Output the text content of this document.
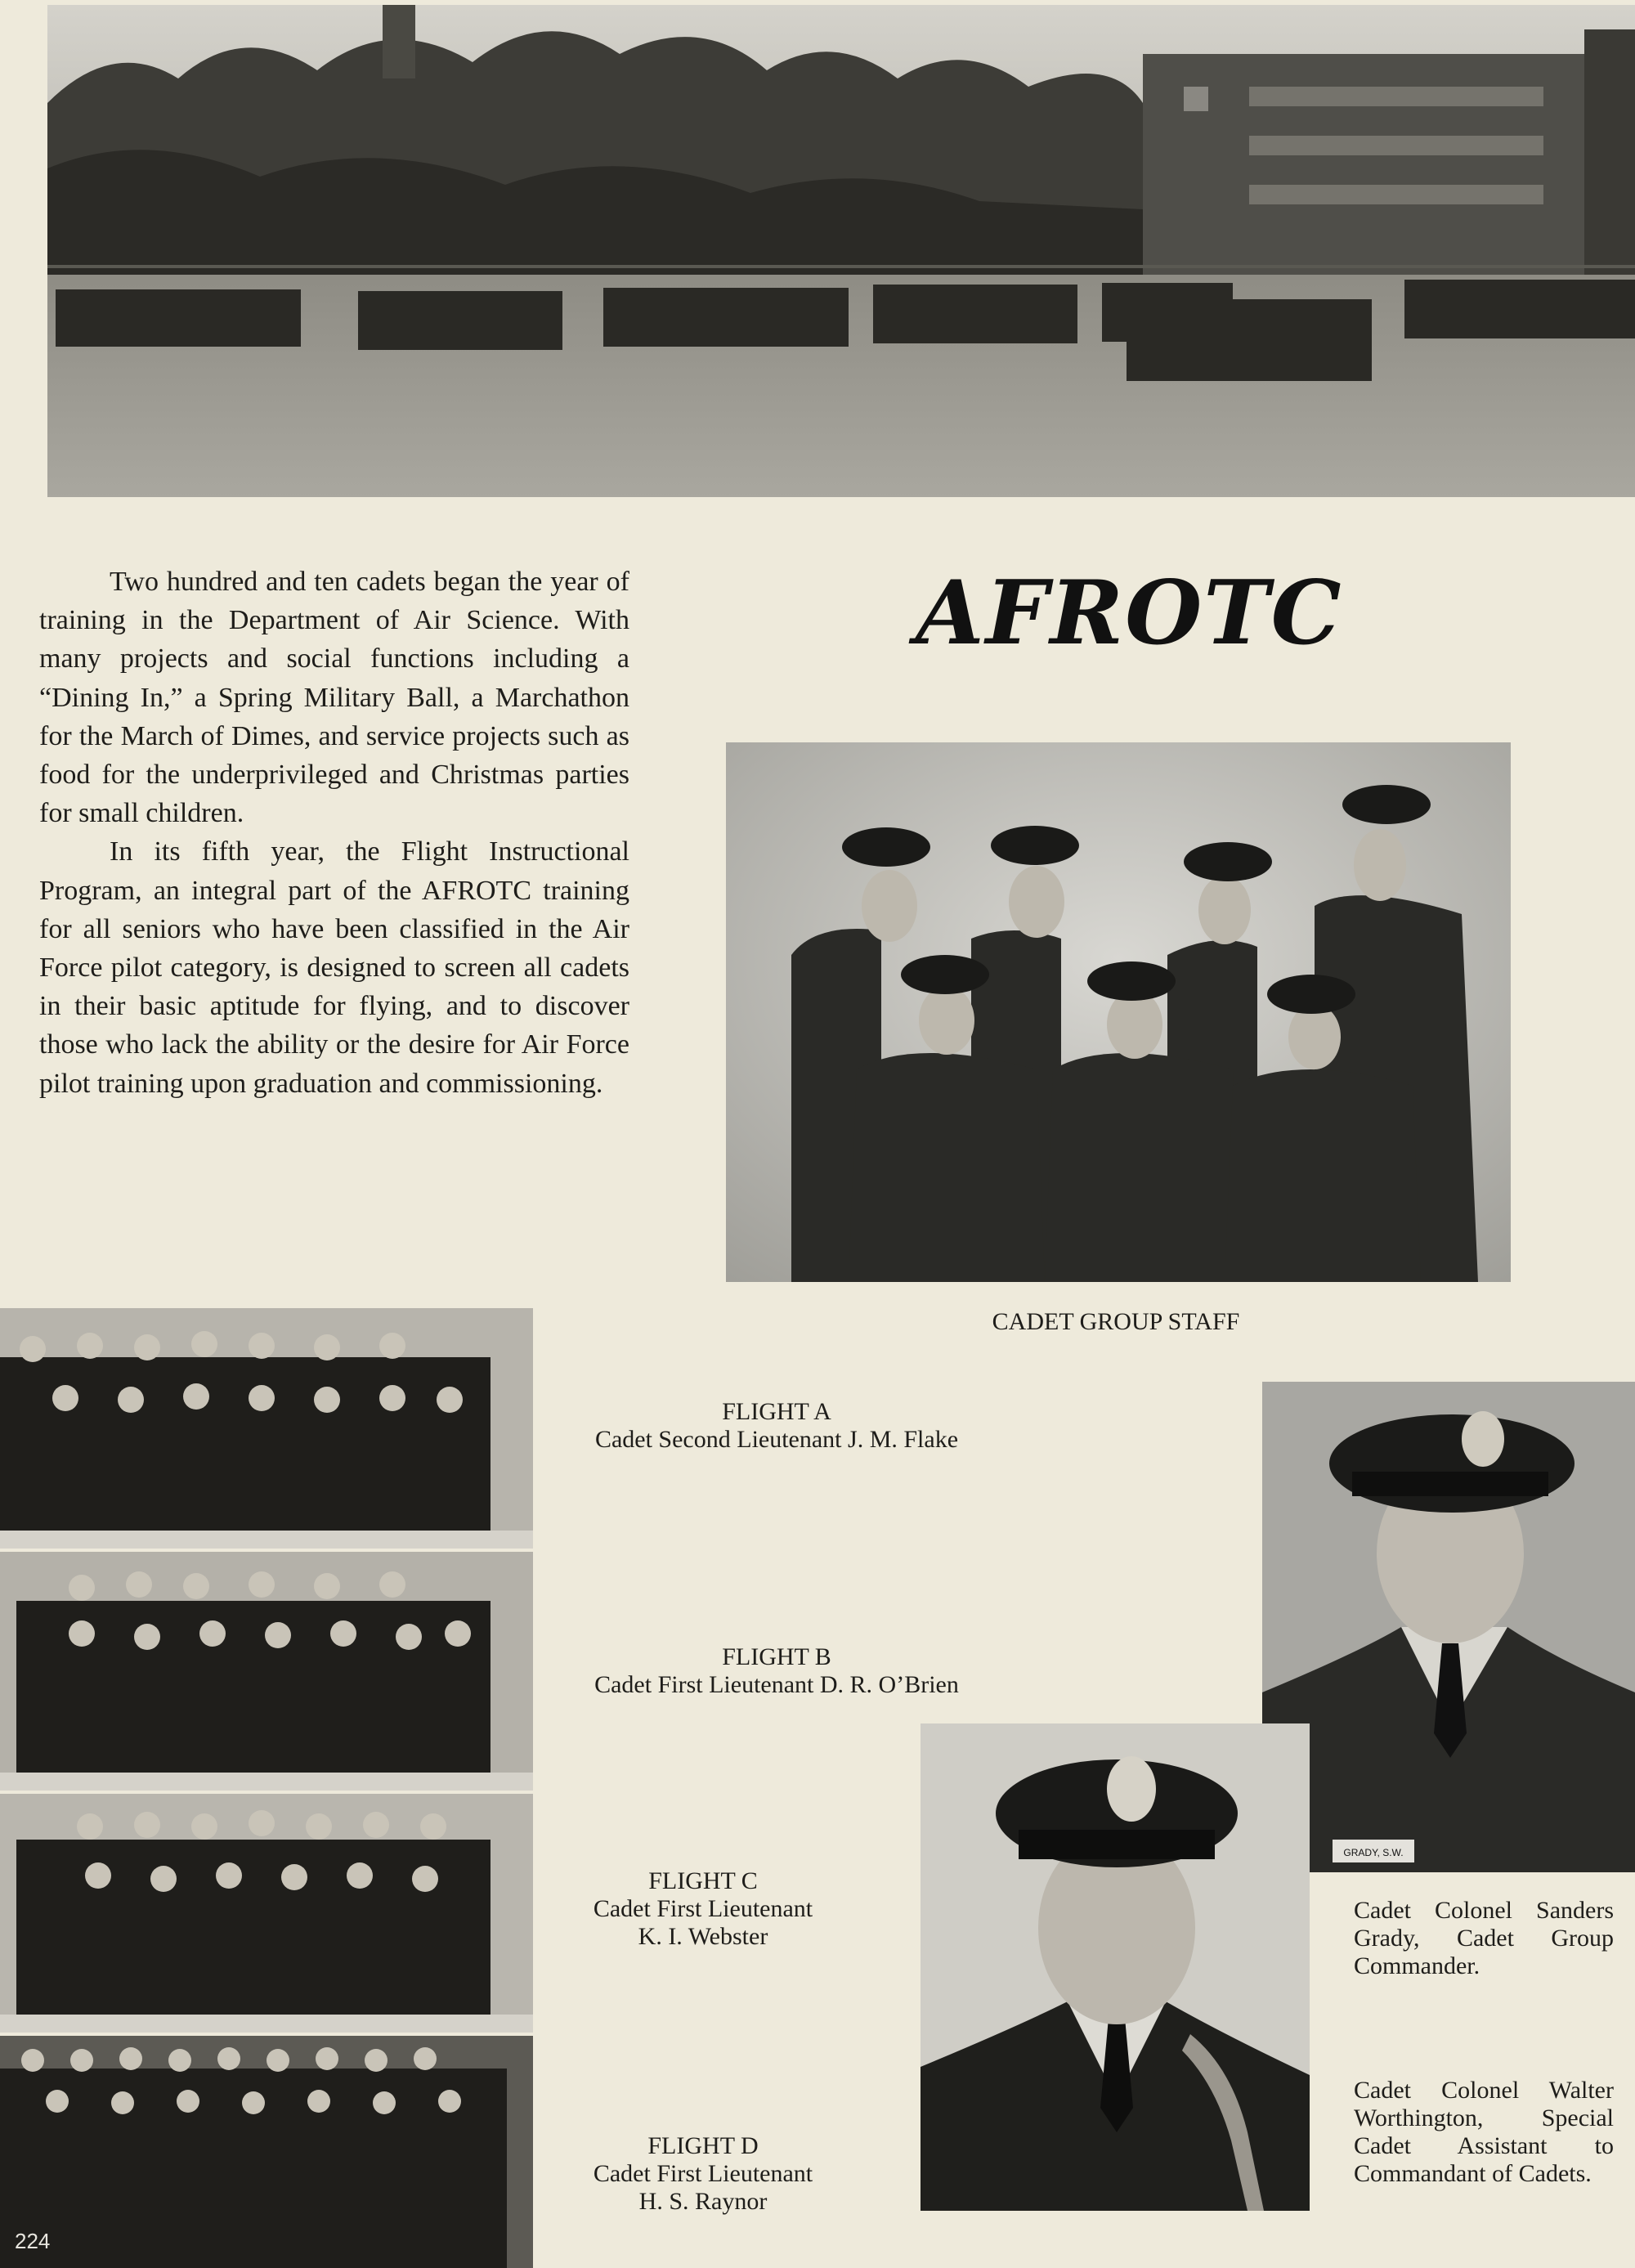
Two hundred and ten cadets began the year of training in the Department of Air Science. With many projects and social functions including a “Dining In,” a Spring Military Ball, a Marchathon for the March of Dimes, and service projects such as food for the underprivileged and Christmas parties for small children.

In its fifth year, the Flight Instructional Program, an integral part of the AFROTC training for all seniors who have been classified in the Air Force pilot category, is designed to screen all cadets in their basic aptitude for flying, and to discover those who lack the ability or the desire for Air Force pilot training upon graduation and commissioning.

AFROTC
CADET GROUP STAFF
224
FLIGHT A
Cadet Second Lieutenant J. M. Flake
FLIGHT B
Cadet First Lieutenant D. R. O’Brien
FLIGHT C
Cadet First Lieutenant
K. I. Webster
FLIGHT D
Cadet First Lieutenant
H. S. Raynor
GRADY, S.W.
Cadet Colonel Sanders Grady, Cadet Group Commander.
Cadet Colonel Walter Worthington, Special Cadet Assistant to Commandant of Cadets.
